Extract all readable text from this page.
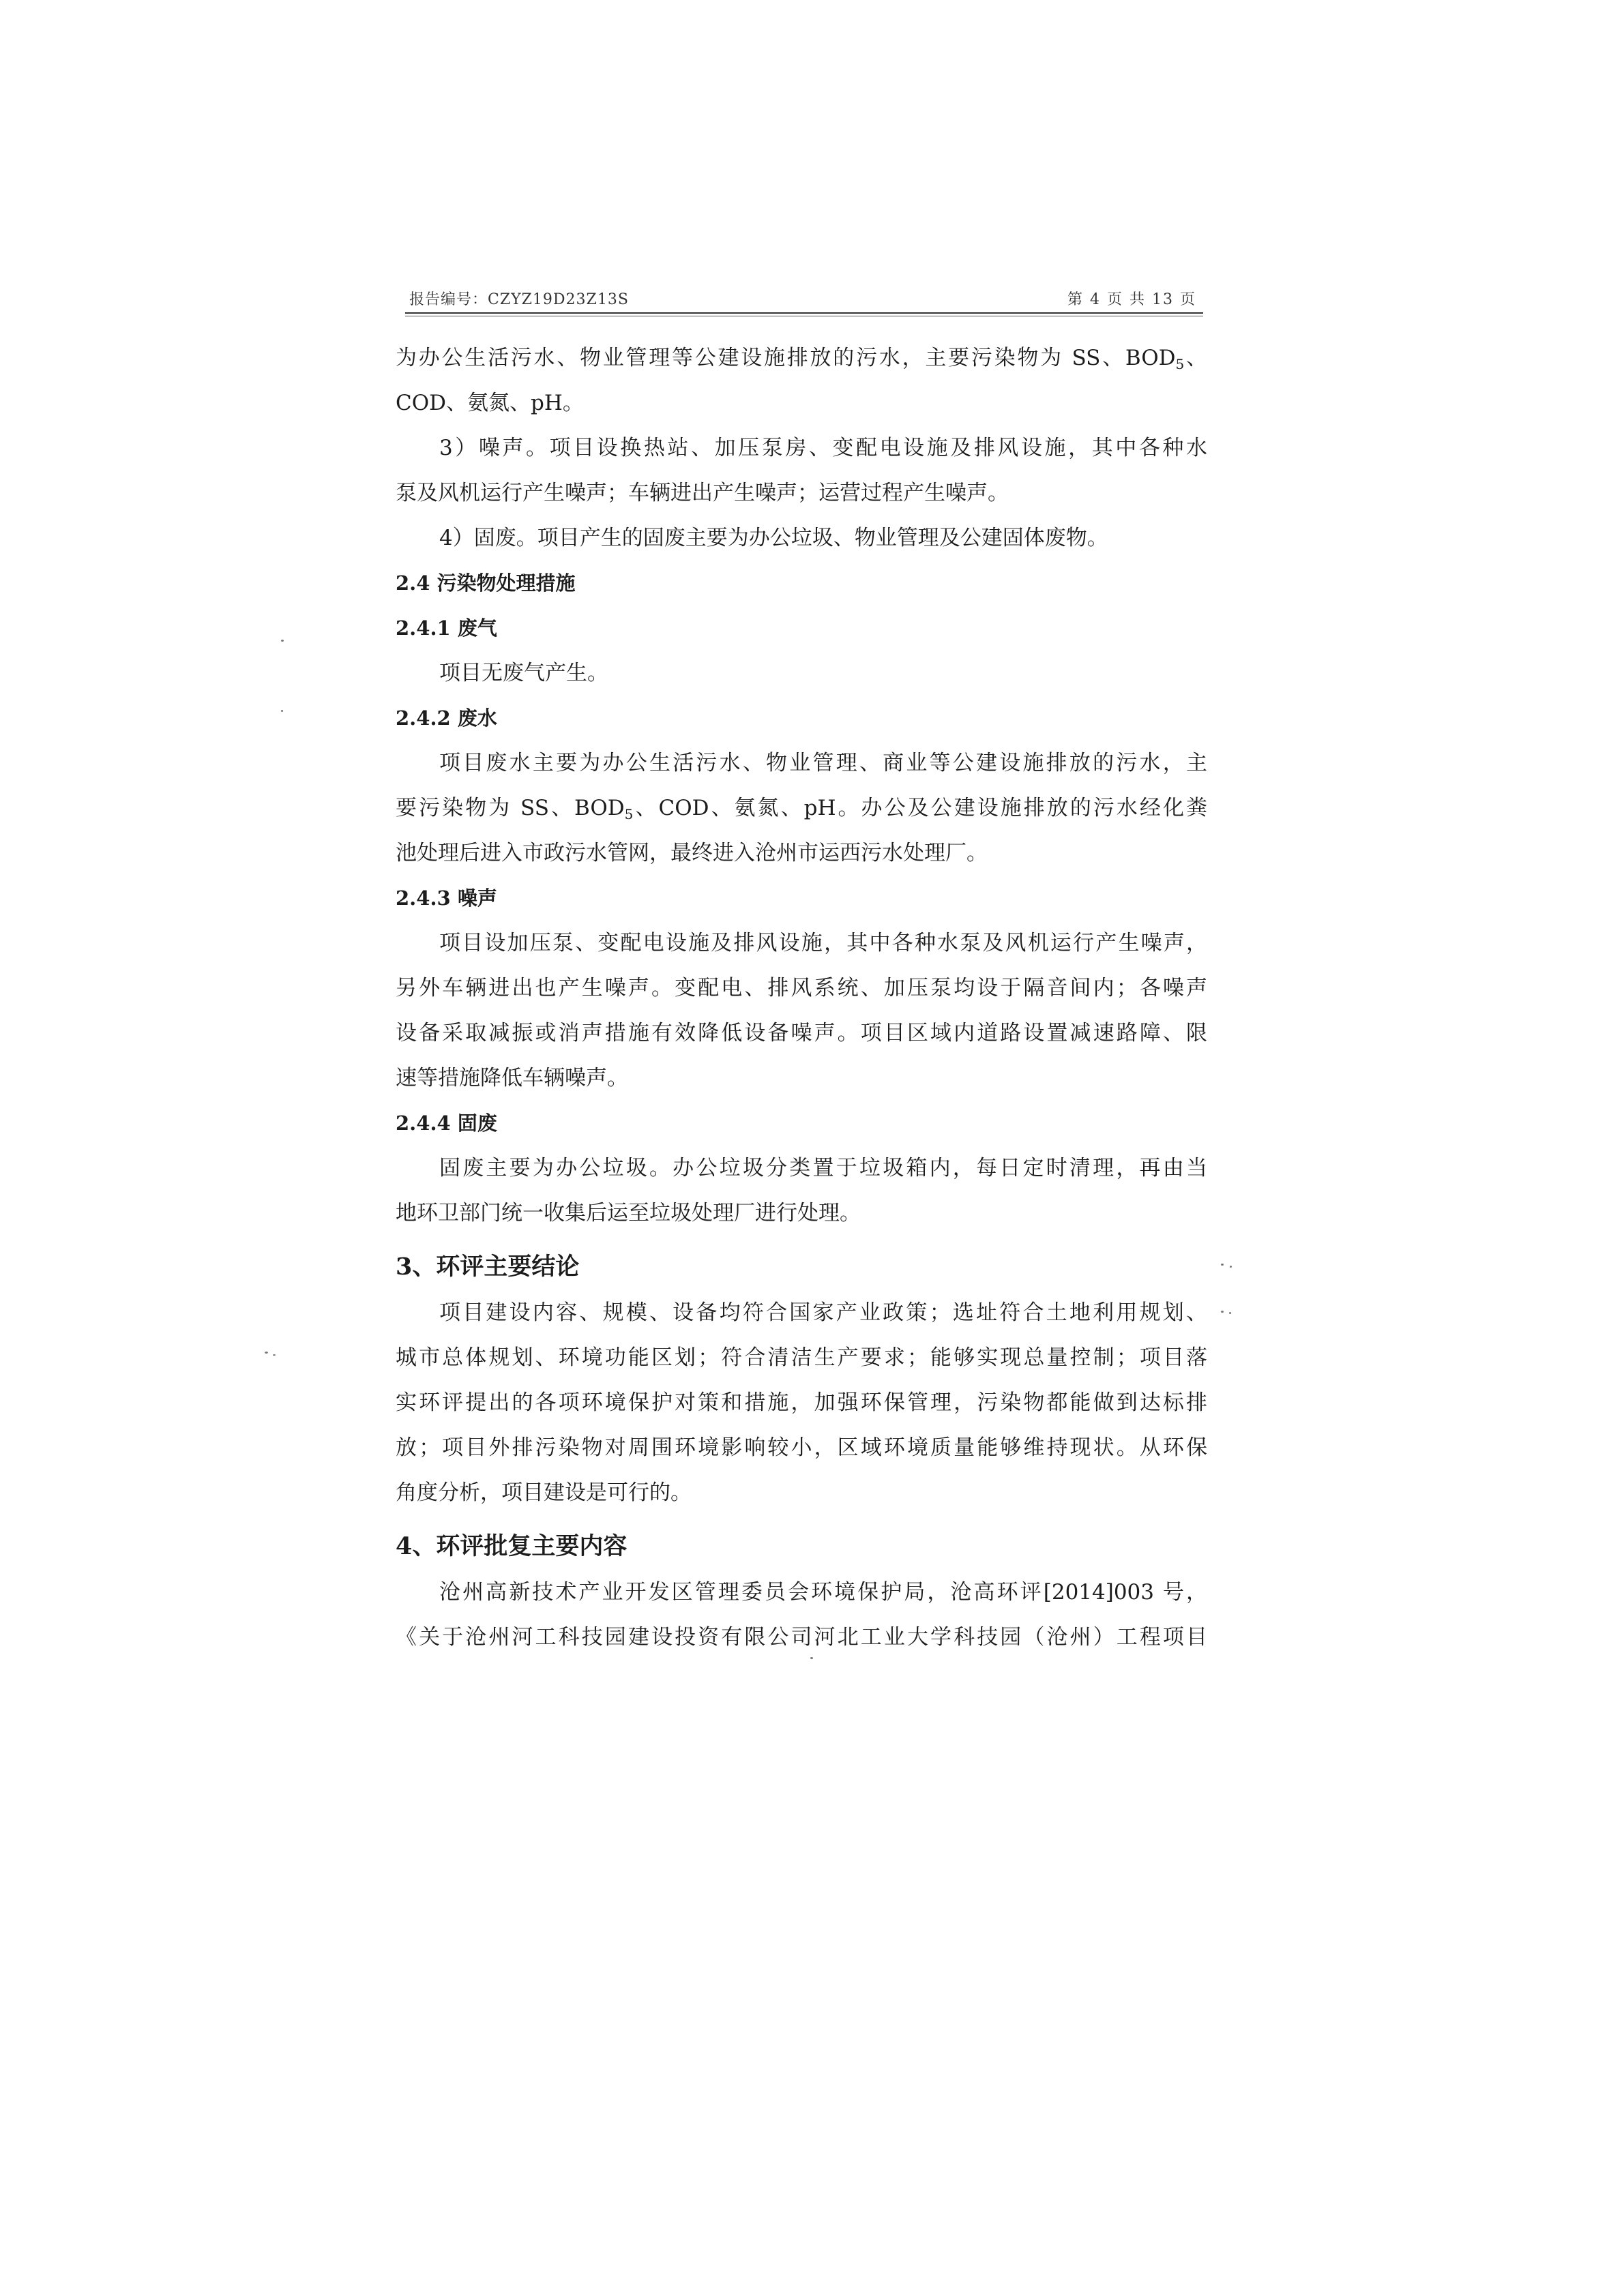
报告编号：CZYZ19D23Z13S	第 4 页 共 13 页
为办公生活污水、物业管理等公建设施排放的污水，主要污染物为 SS、$BOD_5$、
COD、氨氮、pH。
3）噪声。项目设换热站、加压泵房、变配电设施及排风设施，其中各种水
泵及风机运行产生噪声；车辆进出产生噪声；运营过程产生噪声。
4）固废。项目产生的固废主要为办公垃圾、物业管理及公建固体废物。
2.4 污染物处理措施
2.4.1 废气
项目无废气产生。
2.4.2 废水
项目废水主要为办公生活污水、物业管理、商业等公建设施排放的污水，主
要污染物为 SS、$BOD_5$、COD、氨氮、pH。办公及公建设施排放的污水经化粪
池处理后进入市政污水管网，最终进入沧州市运西污水处理厂。
2.4.3 噪声
项目设加压泵、变配电设施及排风设施，其中各种水泵及风机运行产生噪声，
另外车辆进出也产生噪声。变配电、排风系统、加压泵均设于隔音间内；各噪声
设备采取减振或消声措施有效降低设备噪声。项目区域内道路设置减速路障、限
速等措施降低车辆噪声。
2.4.4 固废
固废主要为办公垃圾。办公垃圾分类置于垃圾箱内，每日定时清理，再由当
地环卫部门统一收集后运至垃圾处理厂进行处理。
3、环评主要结论
项目建设内容、规模、设备均符合国家产业政策；选址符合土地利用规划、
城市总体规划、环境功能区划；符合清洁生产要求；能够实现总量控制；项目落
实环评提出的各项环境保护对策和措施，加强环保管理，污染物都能做到达标排
放；项目外排污染物对周围环境影响较小，区域环境质量能够维持现状。从环保
角度分析，项目建设是可行的。
4、环评批复主要内容
沧州高新技术产业开发区管理委员会环境保护局，沧高环评[2014]003 号，
《关于沧州河工科技园建设投资有限公司河北工业大学科技园（沧州）工程项目
